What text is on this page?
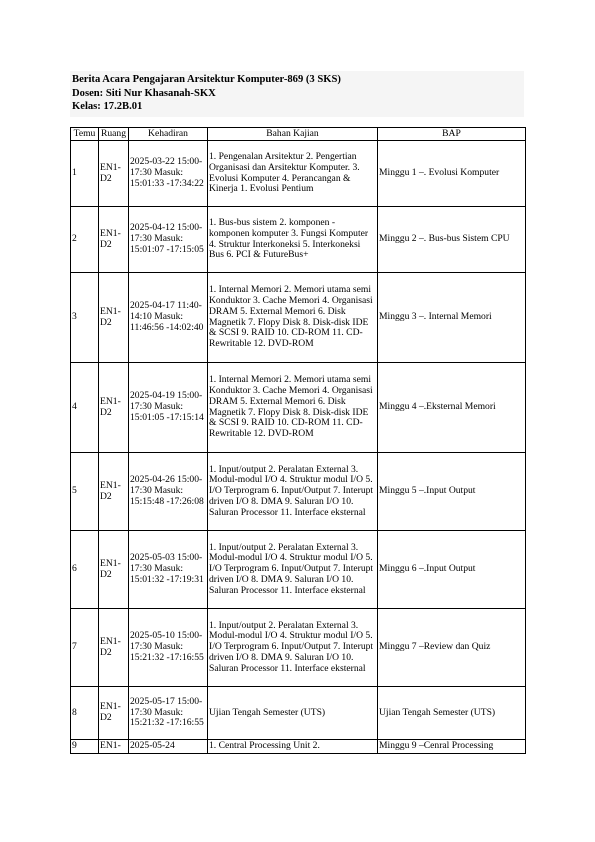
Berita Acara Pengajaran Arsitektur Komputer-869 (3 SKS)
Dosen: Siti Nur Khasanah-SKX
Kelas: 17.2B.01
Temu	Ruang	Kehadiran	Bahan Kajian	BAP
1	EN1-D2	2025-03-22 15:00-17:30 Masuk: 15:01:33 -17:34:22	1. Pengenalan Arsitektur 2. Pengertian Organisasi dan Arsitektur Komputer. 3. Evolusi Komputer 4. Perancangan & Kinerja 1. Evolusi Pentium	Minggu 1 –. Evolusi Komputer
2	EN1-D2	2025-04-12 15:00-17:30 Masuk: 15:01:07 -17:15:05	1. Bus-bus sistem 2. komponen - komponen komputer 3. Fungsi Komputer 4. Struktur Interkoneksi 5. Interkoneksi Bus 6. PCI & FutureBus+	Minggu 2 –. Bus-bus Sistem CPU
3	EN1-D2	2025-04-17 11:40-14:10 Masuk: 11:46:56 -14:02:40	1. Internal Memori 2. Memori utama semi Konduktor 3. Cache Memori 4. Organisasi DRAM 5. External Memori 6. Disk Magnetik 7. Flopy Disk 8. Disk-disk IDE & SCSI 9. RAID 10. CD-ROM 11. CD-Rewritable 12. DVD-ROM	Minggu 3 –. Internal Memori
4	EN1-D2	2025-04-19 15:00-17:30 Masuk: 15:01:05 -17:15:14	1. Internal Memori 2. Memori utama semi Konduktor 3. Cache Memori 4. Organisasi DRAM 5. External Memori 6. Disk Magnetik 7. Flopy Disk 8. Disk-disk IDE & SCSI 9. RAID 10. CD-ROM 11. CD-Rewritable 12. DVD-ROM	Minggu 4 –.Eksternal Memori
5	EN1-D2	2025-04-26 15:00-17:30 Masuk: 15:15:48 -17:26:08	1. Input/output 2. Peralatan External 3. Modul-modul I/O 4. Struktur modul I/O 5. I/O Terprogram 6. Input/Output 7. Interupt driven I/O 8. DMA 9. Saluran I/O 10. Saluran Processor 11. Interface eksternal	Minggu 5 –.Input Output
6	EN1-D2	2025-05-03 15:00-17:30 Masuk: 15:01:32 -17:19:31	1. Input/output 2. Peralatan External 3. Modul-modul I/O 4. Struktur modul I/O 5. I/O Terprogram 6. Input/Output 7. Interupt driven I/O 8. DMA 9. Saluran I/O 10. Saluran Processor 11. Interface eksternal	Minggu 6 –.Input Output
7	EN1-D2	2025-05-10 15:00-17:30 Masuk: 15:21:32 -17:16:55	1. Input/output 2. Peralatan External 3. Modul-modul I/O 4. Struktur modul I/O 5. I/O Terprogram 6. Input/Output 7. Interupt driven I/O 8. DMA 9. Saluran I/O 10. Saluran Processor 11. Interface eksternal	Minggu 7 –Review dan Quiz
8	EN1-D2	2025-05-17 15:00-17:30 Masuk: 15:21:32 -17:16:55	Ujian Tengah Semester (UTS)	Ujian Tengah Semester (UTS)
9	EN1-	2025-05-24	1. Central Processing Unit 2.	Minggu 9 –Cenral Processing
